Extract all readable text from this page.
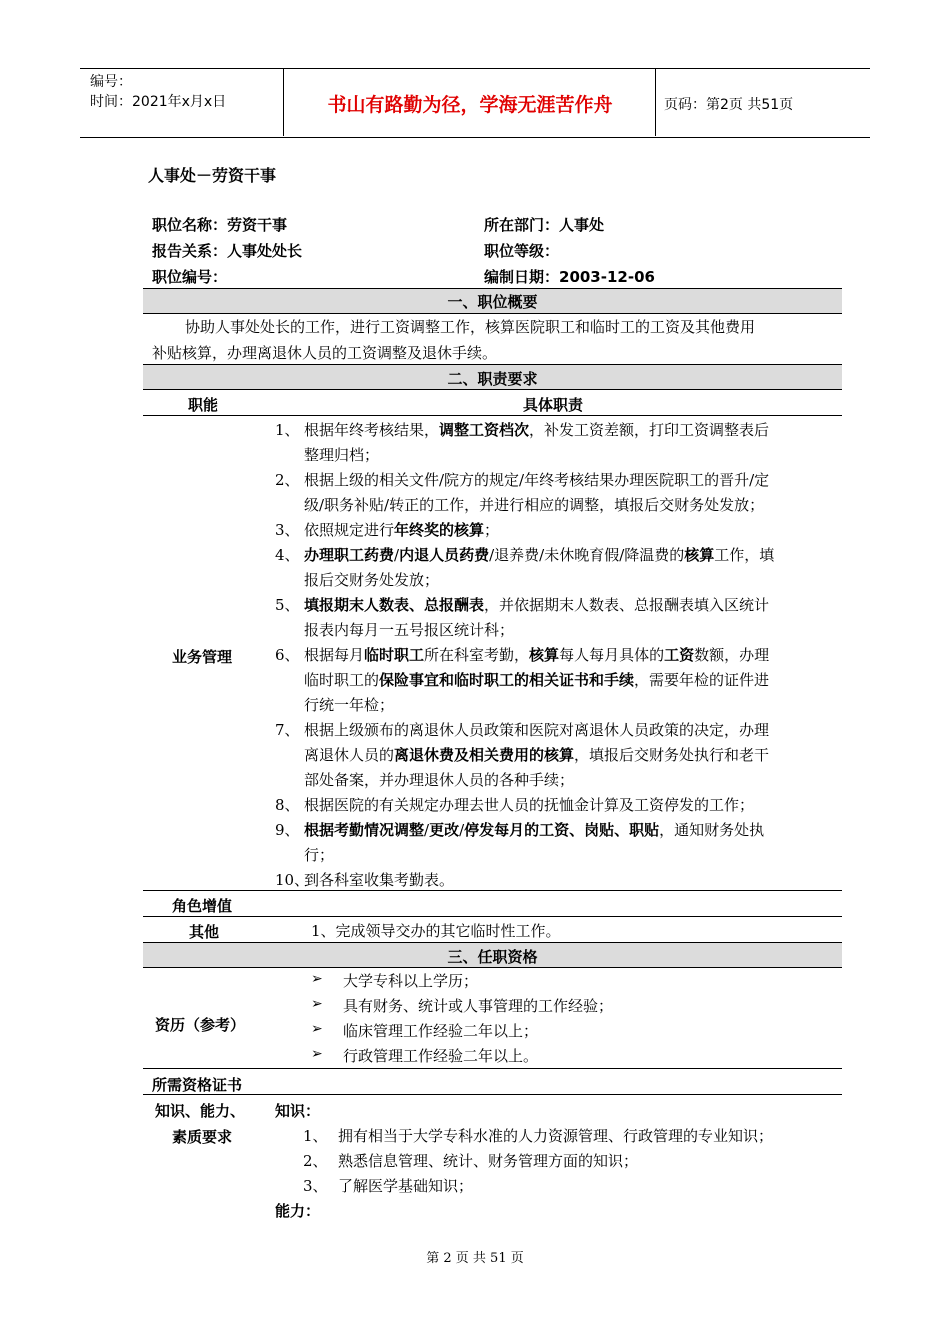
编号：
时间：2021年x月x日	书山有路勤为径，学海无涯苦作舟	页码：第2页 共51页
人事处－劳资干事
职位名称：劳资干事	所在部门：人事处
报告关系：人事处处长	职位等级：
职位编号：	编制日期：2003-12-06
一、职位概要
协助人事处处长的工作，进行工资调整工作，核算医院职工和临时工的工资及其他费用
补贴核算，办理离退休人员的工资调整及退休手续。
二、职责要求
职能	具体职责
业务管理
1、 根据年终考核结果，调整工资档次，补发工资差额，打印工资调整表后
整理归档；
2、 根据上级的相关文件/院方的规定/年终考核结果办理医院职工的晋升/定
级/职务补贴/转正的工作，并进行相应的调整，填报后交财务处发放；
3、 依照规定进行年终奖的核算；
4、 办理职工药费/内退人员药费/退养费/未休晚育假/降温费的核算工作，填
报后交财务处发放；
5、 填报期末人数表、总报酬表，并依据期末人数表、总报酬表填入区统计
报表内每月一五号报区统计科；
6、 根据每月临时职工所在科室考勤，核算每人每月具体的工资数额，办理
临时职工的保险事宜和临时职工的相关证书和手续，需要年检的证件进
行统一年检；
7、 根据上级颁布的离退休人员政策和医院对离退休人员政策的决定，办理
离退休人员的离退休费及相关费用的核算，填报后交财务处执行和老干
部处备案，并办理退休人员的各种手续；
8、 根据医院的有关规定办理去世人员的抚恤金计算及工资停发的工作；
9、 根据考勤情况调整/更改/停发每月的工资、岗贴、职贴，通知财务处执
行；
10、
到各科室收集考勤表。
角色增值
其他	1、完成领导交办的其它临时性工作。
三、任职资格
资历（参考）
➢ 大学专科以上学历；
➢ 具有财务、统计或人事管理的工作经验；
➢ 临床管理工作经验二年以上；
➢ 行政管理工作经验二年以上。
所需资格证书
知识、能力、
素质要求
知识：
1、 拥有相当于大学专科水准的人力资源管理、行政管理的专业知识；
2、 熟悉信息管理、统计、财务管理方面的知识；
3、 了解医学基础知识；
能力：
第 2 页 共 51 页
